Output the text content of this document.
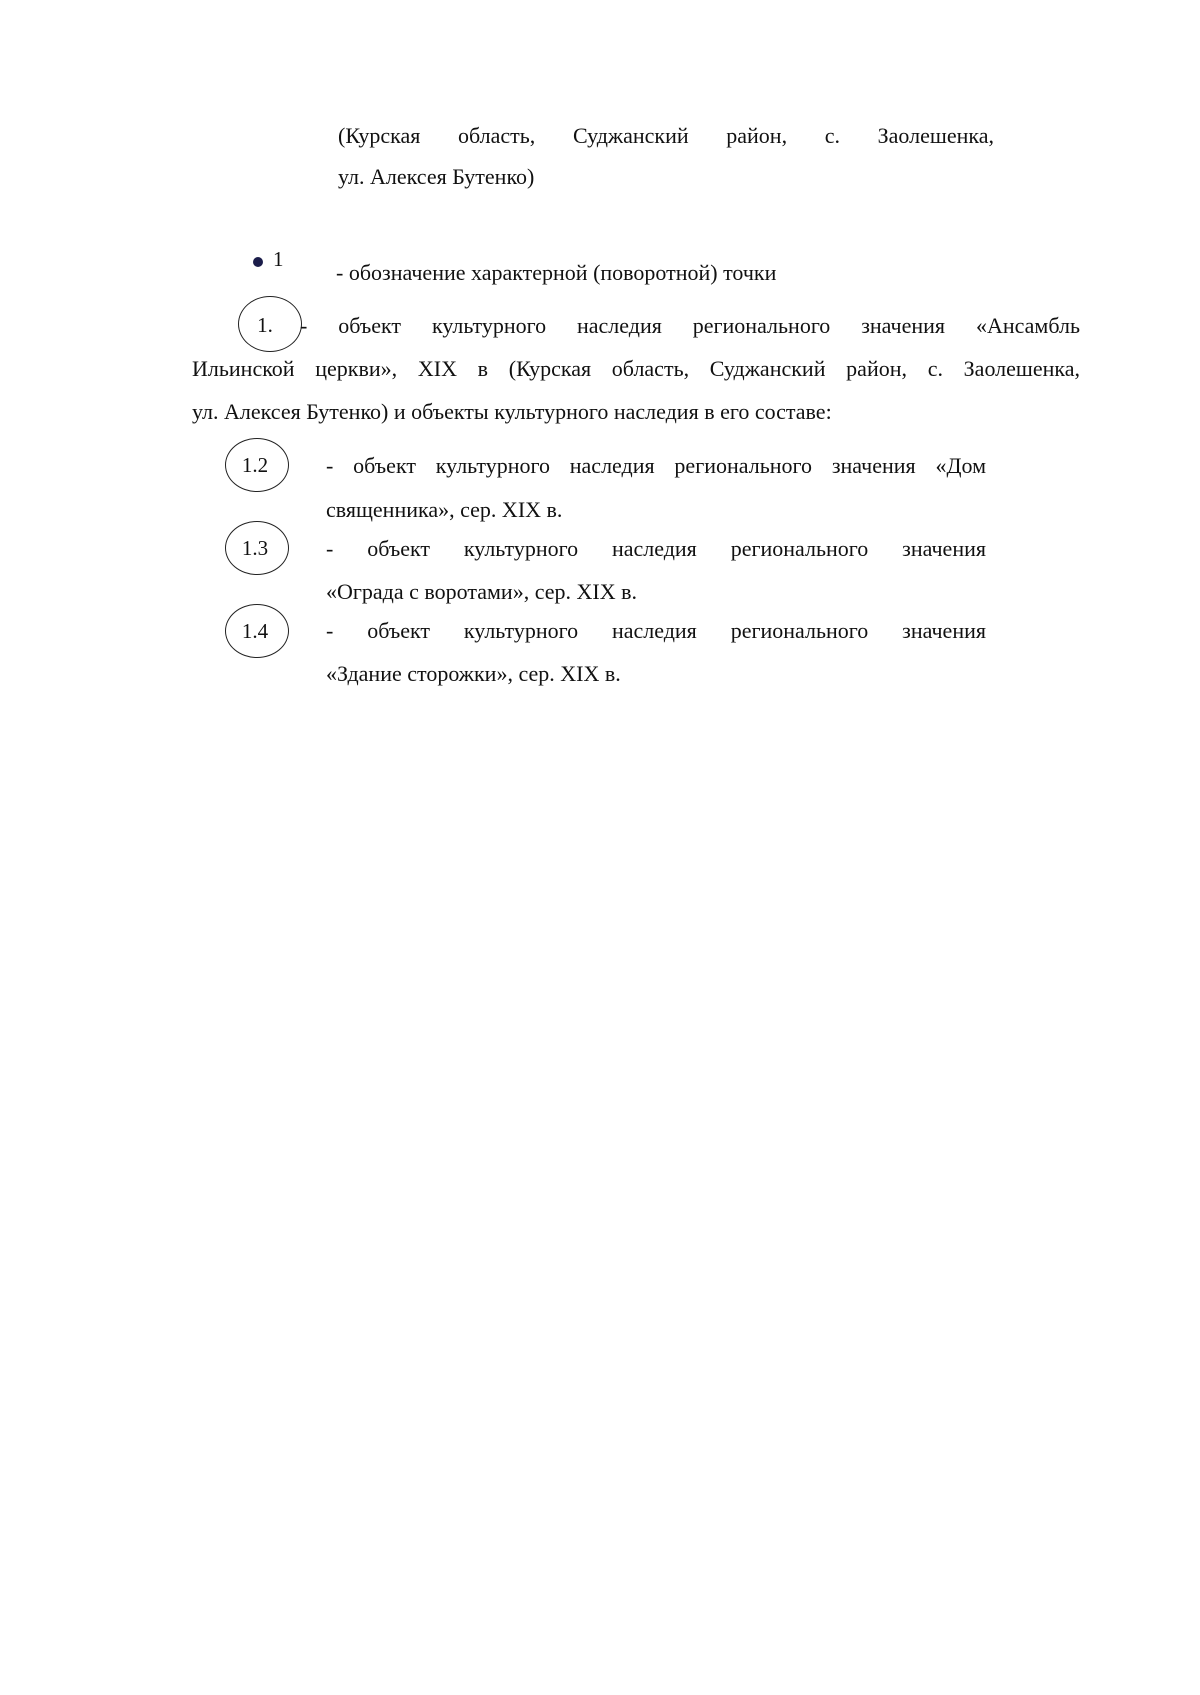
(Курская область, Суджанский район, с. Заолешенка,
ул. Алексея Бутенко)
1
- обозначение характерной (поворотной) точки
1. - объект культурного наследия регионального значения «Ансамбль
Ильинской церкви», XIX в (Курская область, Суджанский район, с. Заолешенка,
ул. Алексея Бутенко) и объекты культурного наследия в его составе:
1.2	- объект культурного наследия регионального значения «Дом
священника», сер. XIX в.
1.3	- объект культурного наследия регионального значения
«Ограда с воротами», сер. XIX в.
1.4	- объект культурного наследия регионального значения
«Здание сторожки», сер. XIX в.
